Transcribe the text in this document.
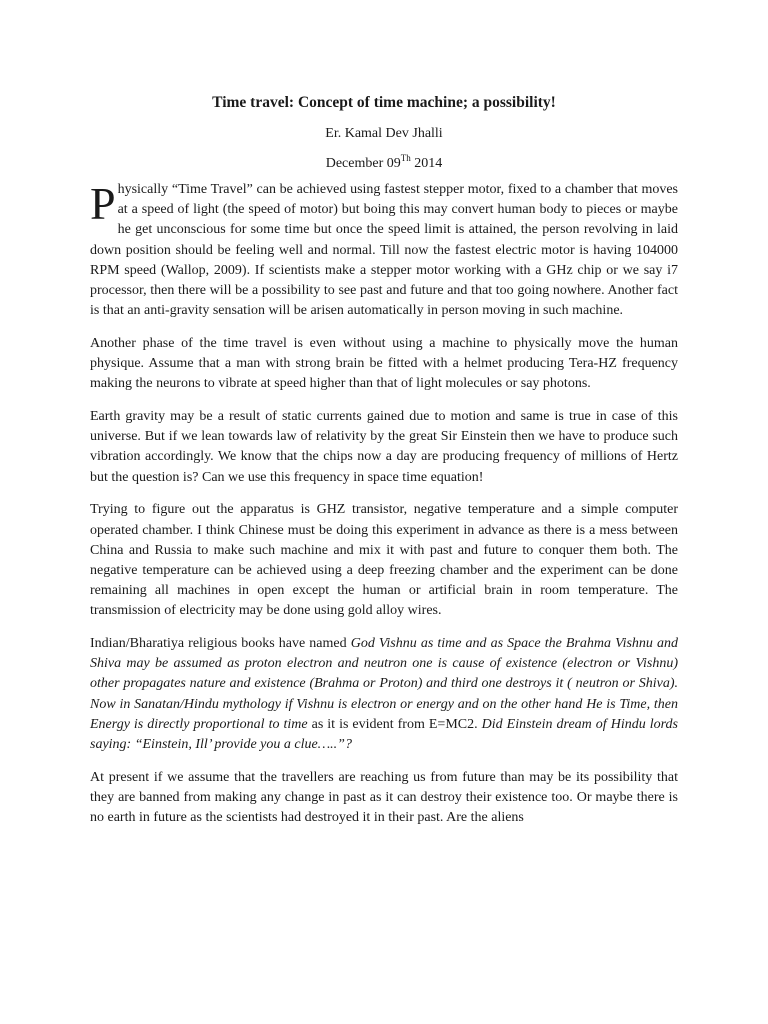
Time travel: Concept of time machine; a possibility!

Er. Kamal Dev Jhalli

December 09Th 2014

Physically “Time Travel” can be achieved using fastest stepper motor, fixed to a chamber that moves at a speed of light (the speed of motor) but boing this may convert human body to pieces or maybe he get unconscious for some time but once the speed limit is attained, the person revolving in laid down position should be feeling well and normal. Till now the fastest electric motor is having 104000 RPM speed (Wallop, 2009). If scientists make a stepper motor working with a GHz chip or we say i7 processor, then there will be a possibility to see past and future and that too going nowhere. Another fact is that an anti-gravity sensation will be arisen automatically in person moving in such machine.

Another phase of the time travel is even without using a machine to physically move the human physique. Assume that a man with strong brain be fitted with a helmet producing Tera-HZ frequency making the neurons to vibrate at speed higher than that of light molecules or say photons.

Earth gravity may be a result of static currents gained due to motion and same is true in case of this universe. But if we lean towards law of relativity by the great Sir Einstein then we have to produce such vibration accordingly. We know that the chips now a day are producing frequency of millions of Hertz but the question is? Can we use this frequency in space time equation!

Trying to figure out the apparatus is GHZ transistor, negative temperature and a simple computer operated chamber. I think Chinese must be doing this experiment in advance as there is a mess between China and Russia to make such machine and mix it with past and future to conquer them both. The negative temperature can be achieved using a deep freezing chamber and the experiment can be done remaining all machines in open except the human or artificial brain in room temperature. The transmission of electricity may be done using gold alloy wires.

Indian/Bharatiya religious books have named God Vishnu as time and as Space the Brahma Vishnu and Shiva may be assumed as proton electron and neutron one is cause of existence (electron or Vishnu) other propagates nature and existence (Brahma or Proton) and third one destroys it ( neutron or Shiva). Now in Sanatan/Hindu mythology if Vishnu is electron or energy and on the other hand He is Time, then Energy is directly proportional to time as it is evident from E=MC2. Did Einstein dream of Hindu lords saying: “Einstein, Ill’ provide you a clue…..”?

At present if we assume that the travellers are reaching us from future than may be its possibility that they are banned from making any change in past as it can destroy their existence too. Or maybe there is no earth in future as the scientists had destroyed it in their past. Are the aliens
